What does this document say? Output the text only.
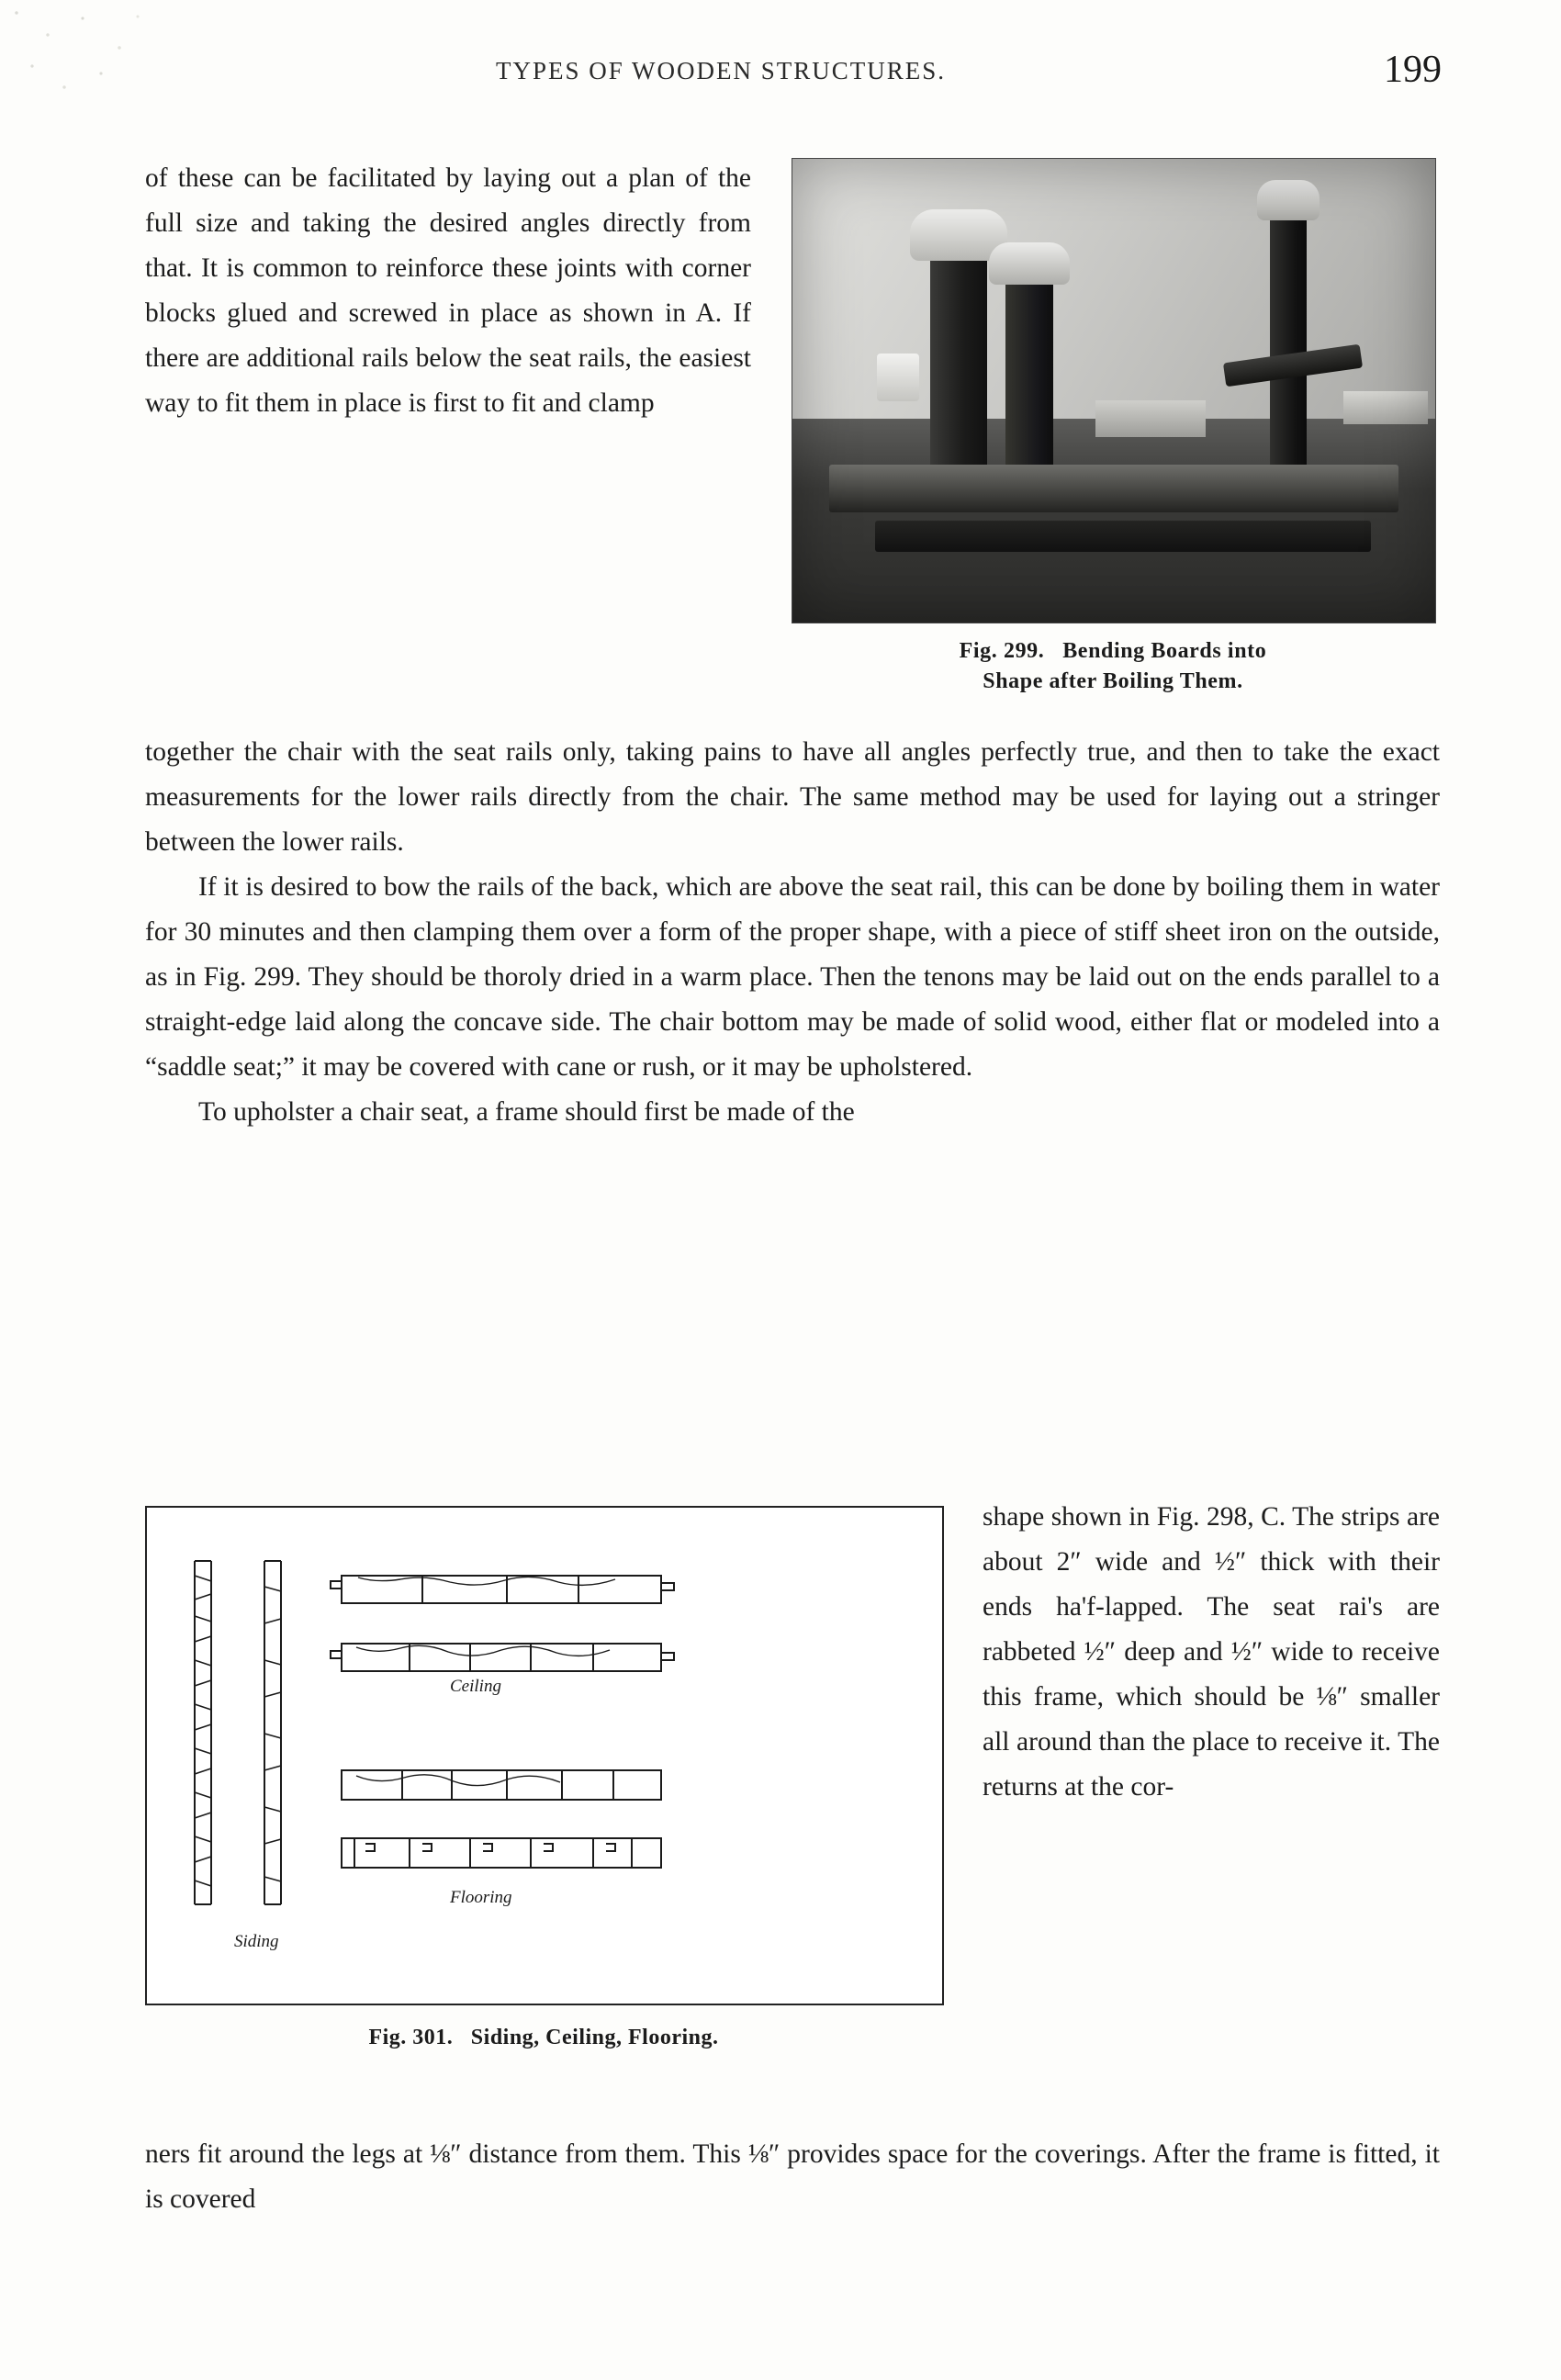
TYPES OF WOODEN STRUCTURES.	199
of these can be facilitated by laying out a plan of the full size and taking the desired angles directly from that. It is common to reinforce these joints with corner blocks glued and screwed in place as shown in A. If there are additional rails below the seat rails, the easiest way to fit them in place is first to fit and clamp
Fig. 299. Bending Boards into
Shape after Boiling Them.
together the chair with the seat rails only, taking pains to have all angles perfectly true, and then to take the exact measurements for the lower rails directly from the chair. The same method may be used for laying out a stringer between the lower rails.
If it is desired to bow the rails of the back, which are above the seat rail, this can be done by boiling them in water for 30 minutes and then clamping them over a form of the proper shape, with a piece of stiff sheet iron on the outside, as in Fig. 299. They should be thoroly dried in a warm place. Then the tenons may be laid out on the ends parallel to a straight-edge laid along the concave side. The chair bottom may be made of solid wood, either flat or modeled into a “saddle seat;” it may be covered with cane or rush, or it may be upholstered.
To upholster a chair seat, a frame should first be made of the
Siding
Ceiling
Flooring
Fig. 301. Siding, Ceiling, Flooring.
shape shown in Fig. 298, C. The strips are about 2″ wide and ½″ thick with their ends ha'f-lapped. The seat rai's are rabbeted ½″ deep and ½″ wide to receive this frame, which should be ⅛″ smaller all around than the place to receive it. The returns at the cor-
ners fit around the legs at ⅛″ distance from them. This ⅛″ provides space for the coverings. After the frame is fitted, it is covered
